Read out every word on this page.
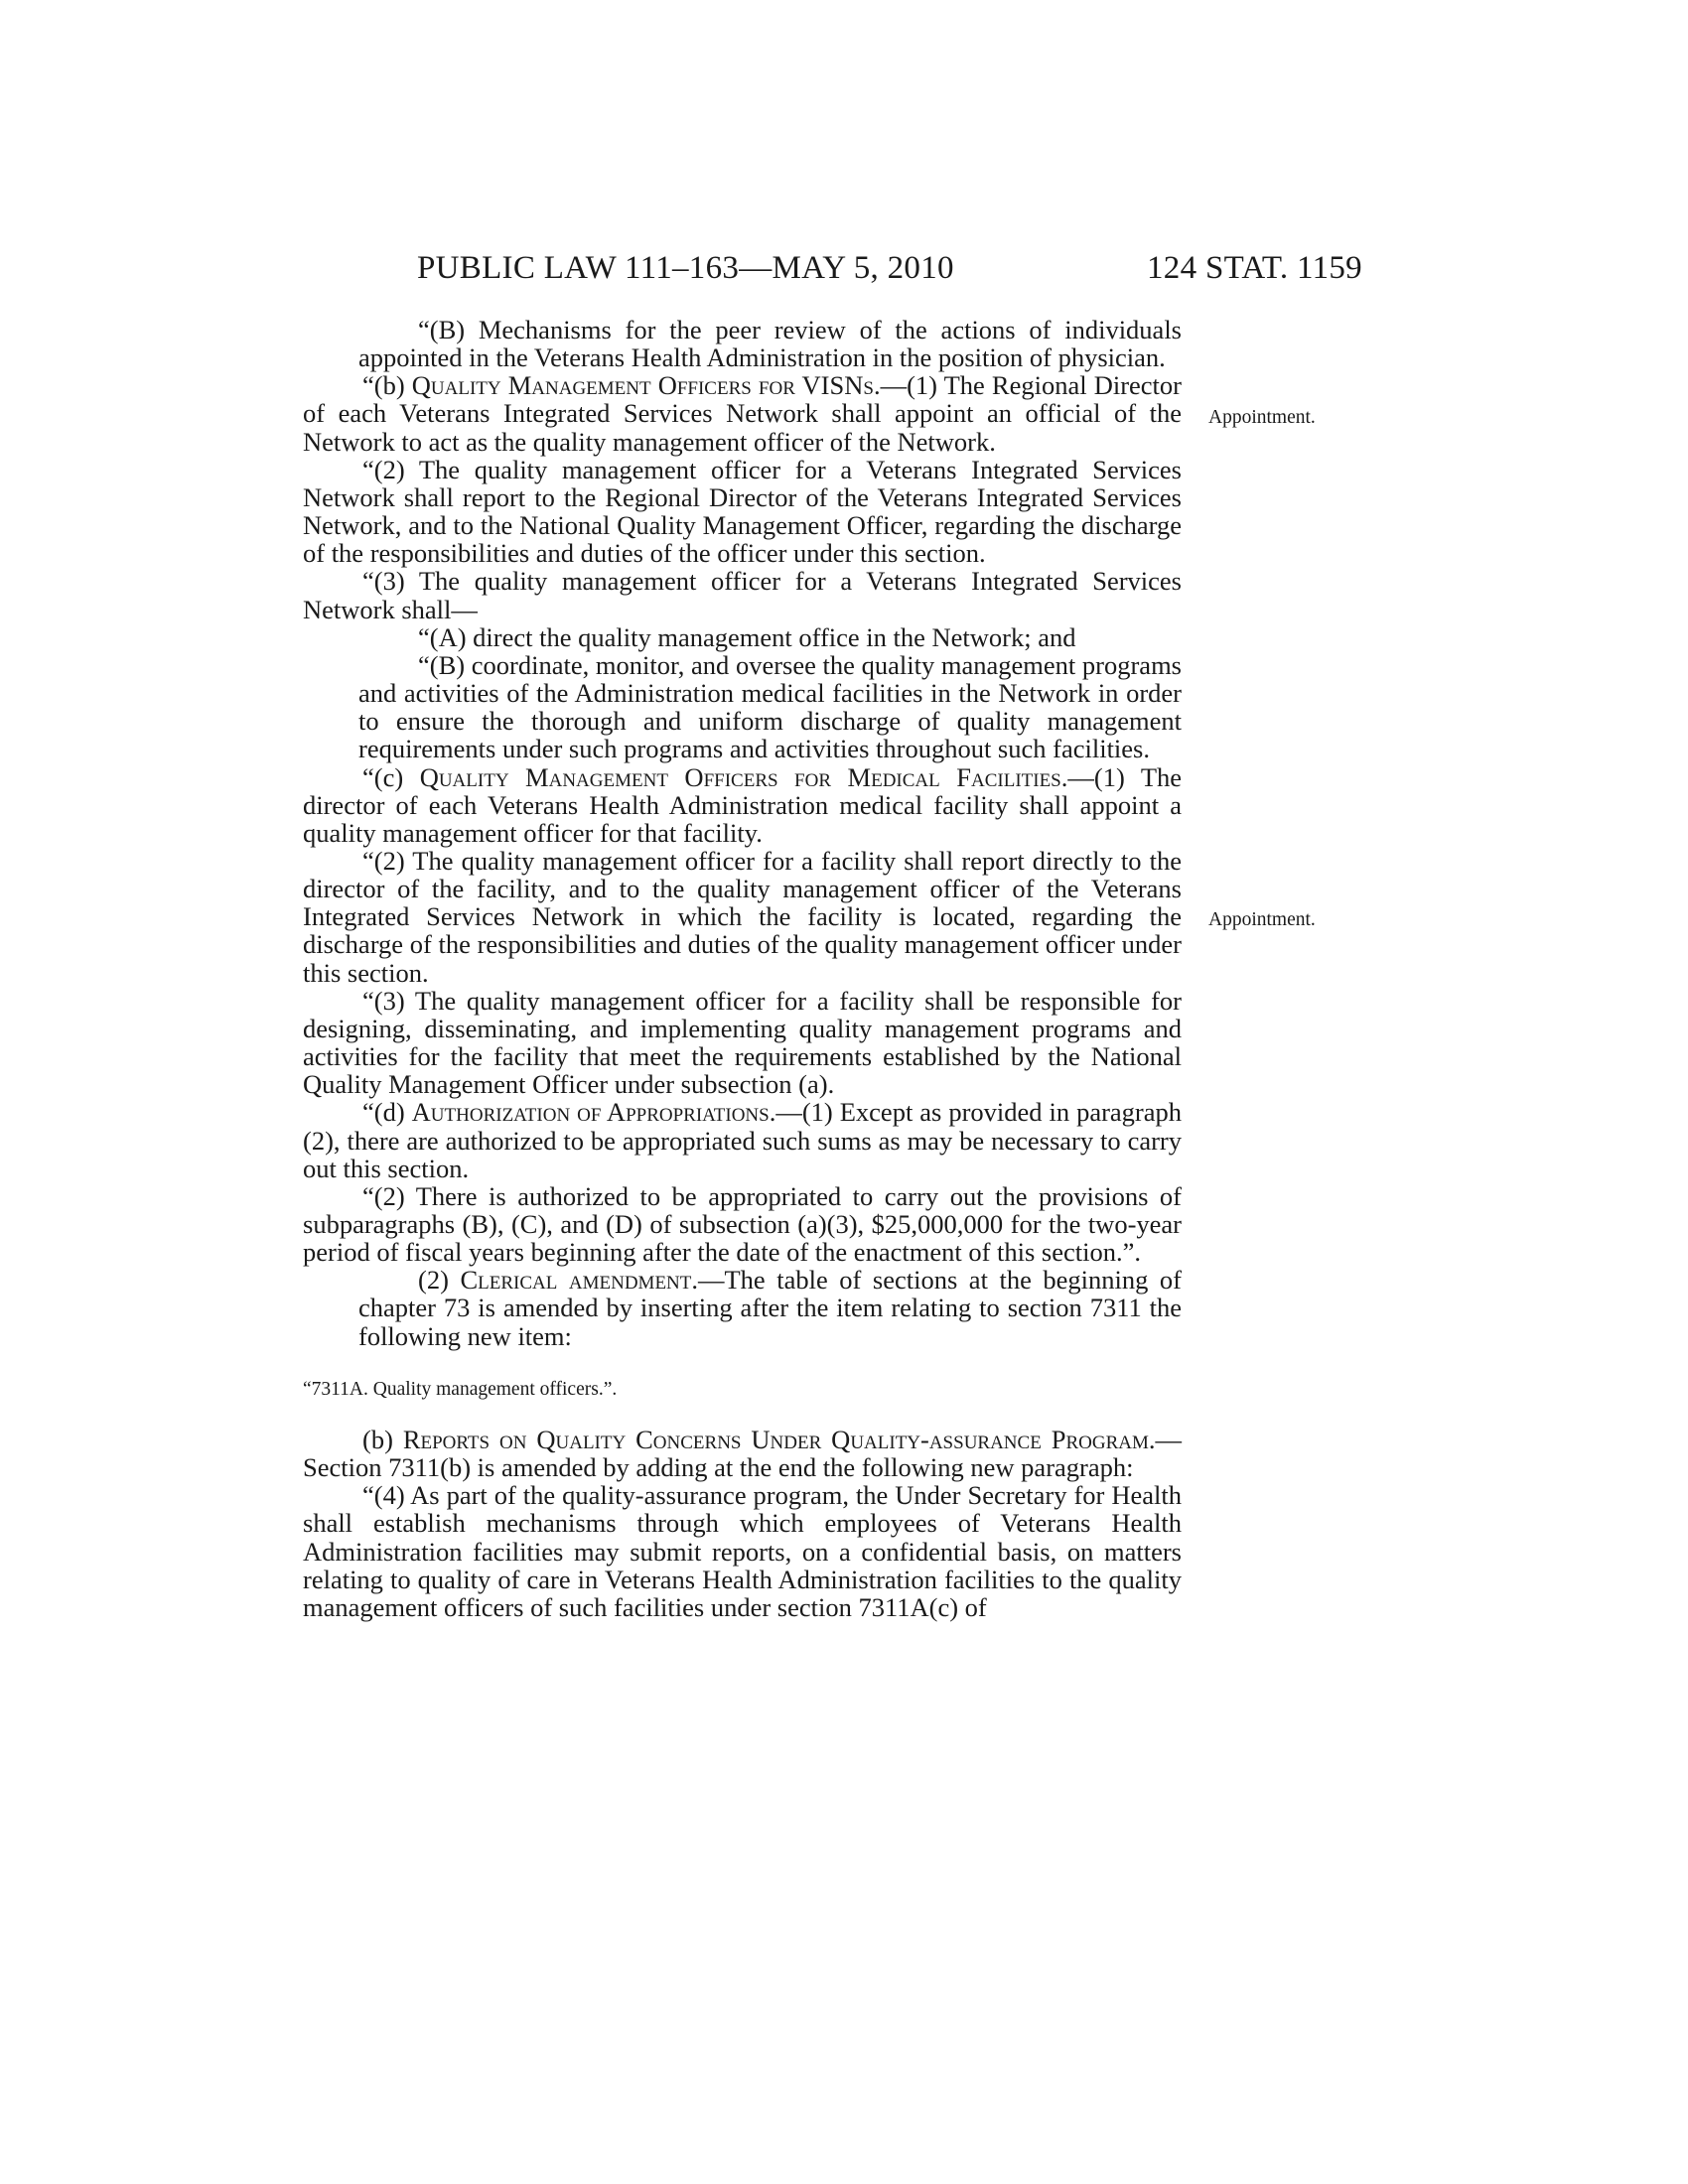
PUBLIC LAW 111–163—MAY 5, 2010	124 STAT. 1159
Appointment.
Appointment.

“(B) Mechanisms for the peer review of the actions of individuals appointed in the Veterans Health Administration in the position of physician.

“(b) Quality Management Officers for VISNs.—(1) The Regional Director of each Veterans Integrated Services Network shall appoint an official of the Network to act as the quality management officer of the Network.

“(2) The quality management officer for a Veterans Integrated Services Network shall report to the Regional Director of the Veterans Integrated Services Network, and to the National Quality Management Officer, regarding the discharge of the responsibilities and duties of the officer under this section.

“(3) The quality management officer for a Veterans Integrated Services Network shall—

“(A) direct the quality management office in the Network; and

“(B) coordinate, monitor, and oversee the quality management programs and activities of the Administration medical facilities in the Network in order to ensure the thorough and uniform discharge of quality management requirements under such programs and activities throughout such facilities.

“(c) Quality Management Officers for Medical Facilities.—(1) The director of each Veterans Health Administration medical facility shall appoint a quality management officer for that facility.

“(2) The quality management officer for a facility shall report directly to the director of the facility, and to the quality management officer of the Veterans Integrated Services Network in which the facility is located, regarding the discharge of the responsibilities and duties of the quality management officer under this section.

“(3) The quality management officer for a facility shall be responsible for designing, disseminating, and implementing quality management programs and activities for the facility that meet the requirements established by the National Quality Management Officer under subsection (a).

“(d) Authorization of Appropriations.—(1) Except as provided in paragraph (2), there are authorized to be appropriated such sums as may be necessary to carry out this section.

“(2) There is authorized to be appropriated to carry out the provisions of subparagraphs (B), (C), and (D) of subsection (a)(3), $25,000,000 for the two-year period of fiscal years beginning after the date of the enactment of this section.”.

(2) Clerical amendment.—The table of sections at the beginning of chapter 73 is amended by inserting after the item relating to section 7311 the following new item:

“7311A. Quality management officers.”.

(b) Reports on Quality Concerns Under Quality-assurance Program.—Section 7311(b) is amended by adding at the end the following new paragraph:

“(4) As part of the quality-assurance program, the Under Secretary for Health shall establish mechanisms through which employees of Veterans Health Administration facilities may submit reports, on a confidential basis, on matters relating to quality of care in Veterans Health Administration facilities to the quality management officers of such facilities under section 7311A(c) of
